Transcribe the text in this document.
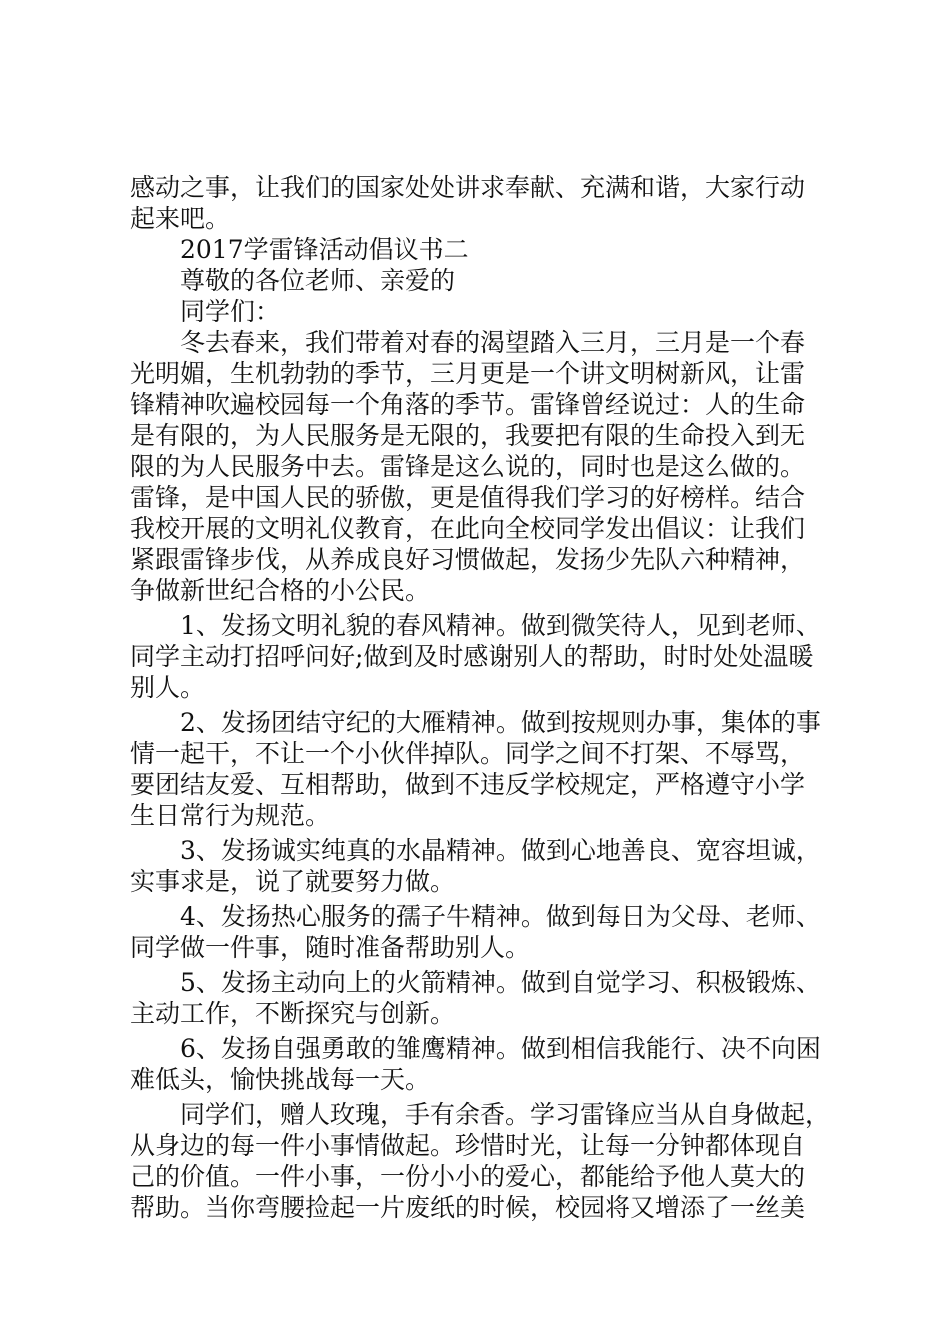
感动之事，让我们的国家处处讲求奉献、充满和谐，大家行动
起来吧。
2017学雷锋活动倡议书二
尊敬的各位老师、亲爱的
同学们：
冬去春来，我们带着对春的渴望踏入三月，三月是一个春
光明媚，生机勃勃的季节，三月更是一个讲文明树新风，让雷
锋精神吹遍校园每一个角落的季节。雷锋曾经说过：人的生命
是有限的，为人民服务是无限的，我要把有限的生命投入到无
限的为人民服务中去。雷锋是这么说的，同时也是这么做的。
雷锋，是中国人民的骄傲，更是值得我们学习的好榜样。结合
我校开展的文明礼仪教育，在此向全校同学发出倡议：让我们
紧跟雷锋步伐，从养成良好习惯做起，发扬少先队六种精神，
争做新世纪合格的小公民。
1、发扬文明礼貌的春风精神。做到微笑待人，见到老师、
同学主动打招呼问好;做到及时感谢别人的帮助，时时处处温暖
别人。
2、发扬团结守纪的大雁精神。做到按规则办事，集体的事
情一起干，不让一个小伙伴掉队。同学之间不打架、不辱骂，
要团结友爱、互相帮助，做到不违反学校规定，严格遵守小学
生日常行为规范。
3、发扬诚实纯真的水晶精神。做到心地善良、宽容坦诚，
实事求是，说了就要努力做。
4、发扬热心服务的孺子牛精神。做到每日为父母、老师、
同学做一件事，随时准备帮助别人。
5、发扬主动向上的火箭精神。做到自觉学习、积极锻炼、
主动工作，不断探究与创新。
6、发扬自强勇敢的雏鹰精神。做到相信我能行、决不向困
难低头，愉快挑战每一天。
同学们，赠人玫瑰，手有余香。学习雷锋应当从自身做起，
从身边的每一件小事情做起。珍惜时光，让每一分钟都体现自
己的价值。一件小事，一份小小的爱心，都能给予他人莫大的
帮助。当你弯腰捡起一片废纸的时候，校园将又增添了一丝美
